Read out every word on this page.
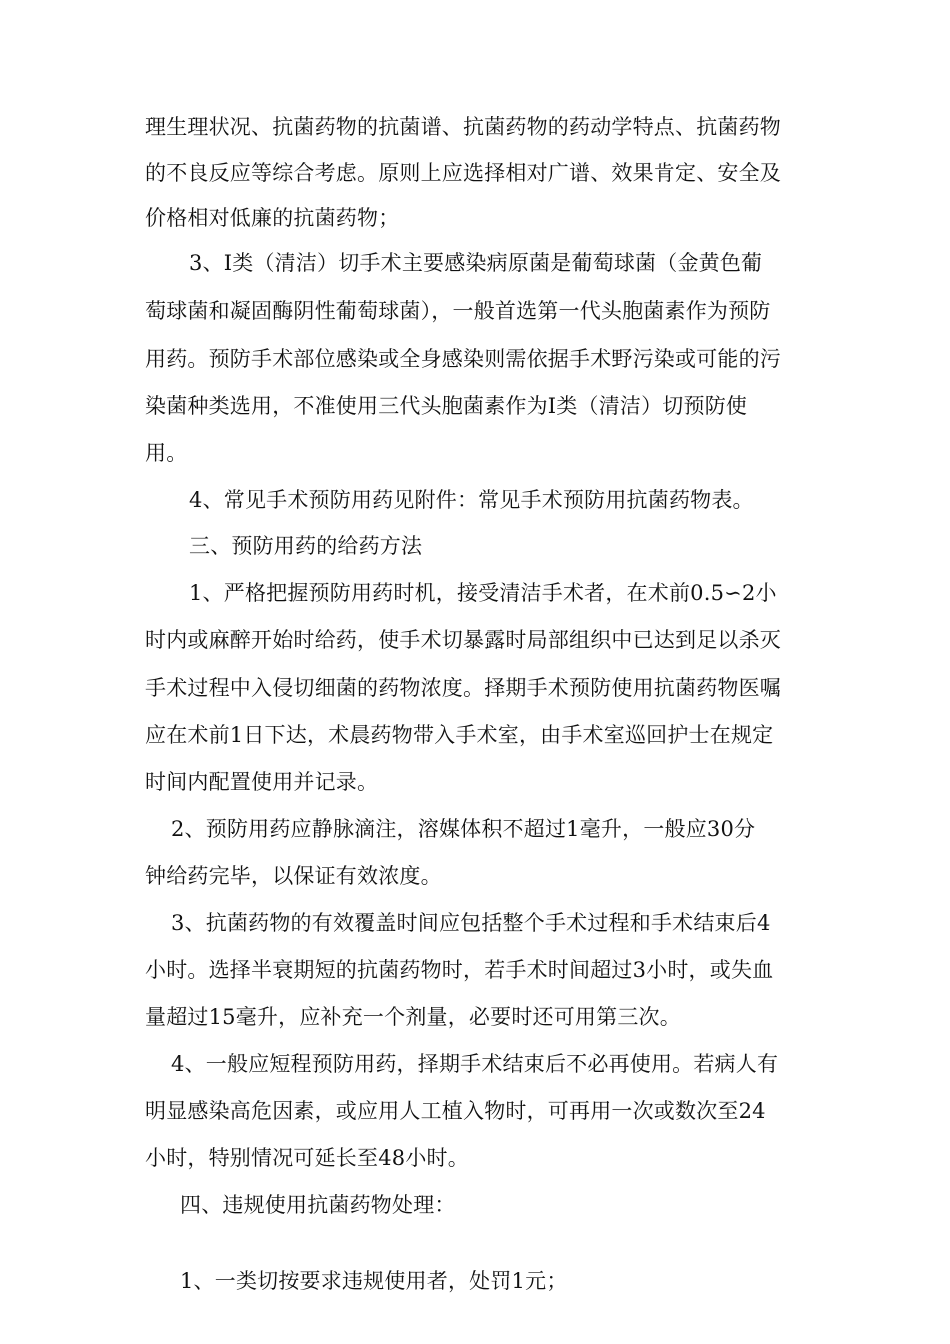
理生理状况、抗菌药物的抗菌谱、抗菌药物的药动学特点、抗菌药物
的不良反应等综合考虑。原则上应选择相对广谱、效果肯定、安全及
价格相对低廉的抗菌药物；
3、I类（清洁）切手术主要感染病原菌是葡萄球菌（金黄色葡
萄球菌和凝固酶阴性葡萄球菌），一般首选第一代头胞菌素作为预防
用药。预防手术部位感染或全身感染则需依据手术野污染或可能的污
染菌种类选用，不准使用三代头胞菌素作为I类（清洁）切预防使
用。
4、常见手术预防用药见附件：常见手术预防用抗菌药物表。
三、预防用药的给药方法
1、严格把握预防用药时机，接受清洁手术者，在术前0.5∽2小
时内或麻醉开始时给药，使手术切暴露时局部组织中已达到足以杀灭
手术过程中入侵切细菌的药物浓度。择期手术预防使用抗菌药物医嘱
应在术前1日下达，术晨药物带入手术室，由手术室巡回护士在规定
时间内配置使用并记录。
2、预防用药应静脉滴注，溶媒体积不超过1毫升，一般应30分
钟给药完毕，以保证有效浓度。
3、抗菌药物的有效覆盖时间应包括整个手术过程和手术结束后4
小时。选择半衰期短的抗菌药物时，若手术时间超过3小时，或失血
量超过15毫升，应补充一个剂量，必要时还可用第三次。
4、一般应短程预防用药，择期手术结束后不必再使用。若病人有
明显感染高危因素，或应用人工植入物时，可再用一次或数次至24
小时，特别情况可延长至48小时。
四、违规使用抗菌药物处理：
1、一类切按要求违规使用者，处罚1元；
